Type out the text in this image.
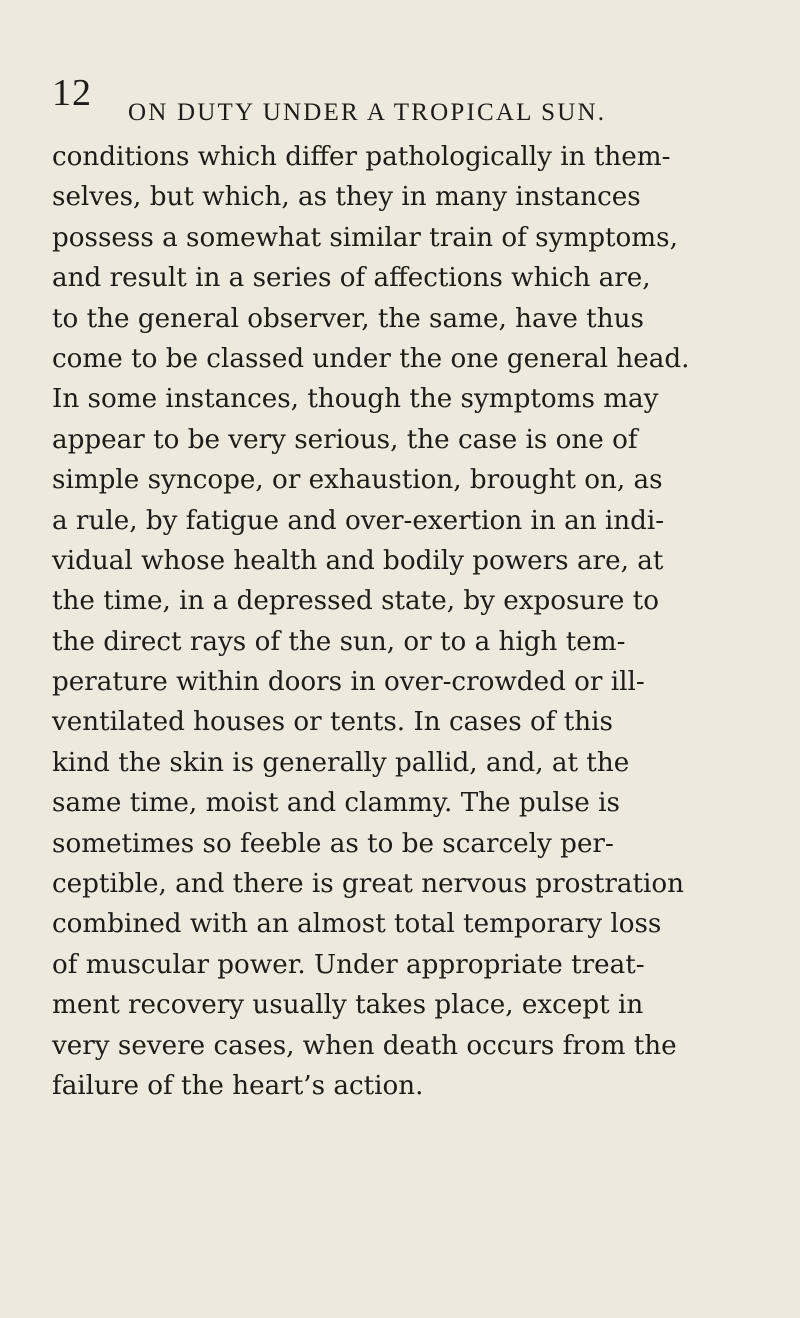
12 ON DUTY UNDER A TROPICAL SUN.
conditions which differ pathologically in them-
selves, but which, as they in many instances
possess a somewhat similar train of symptoms,
and result in a series of affections which are,
to the general observer, the same, have thus
come to be classed under the one general head.
In some instances, though the symptoms may
appear to be very serious, the case is one of
simple syncope, or exhaustion, brought on, as
a rule, by fatigue and over-exertion in an indi-
vidual whose health and bodily powers are, at
the time, in a depressed state, by exposure to
the direct rays of the sun, or to a high tem-
perature within doors in over-crowded or ill-
ventilated houses or tents. In cases of this
kind the skin is generally pallid, and, at the
same time, moist and clammy. The pulse is
sometimes so feeble as to be scarcely per-
ceptible, and there is great nervous prostration
combined with an almost total temporary loss
of muscular power. Under appropriate treat-
ment recovery usually takes place, except in
very severe cases, when death occurs from the
failure of the heart’s action.
